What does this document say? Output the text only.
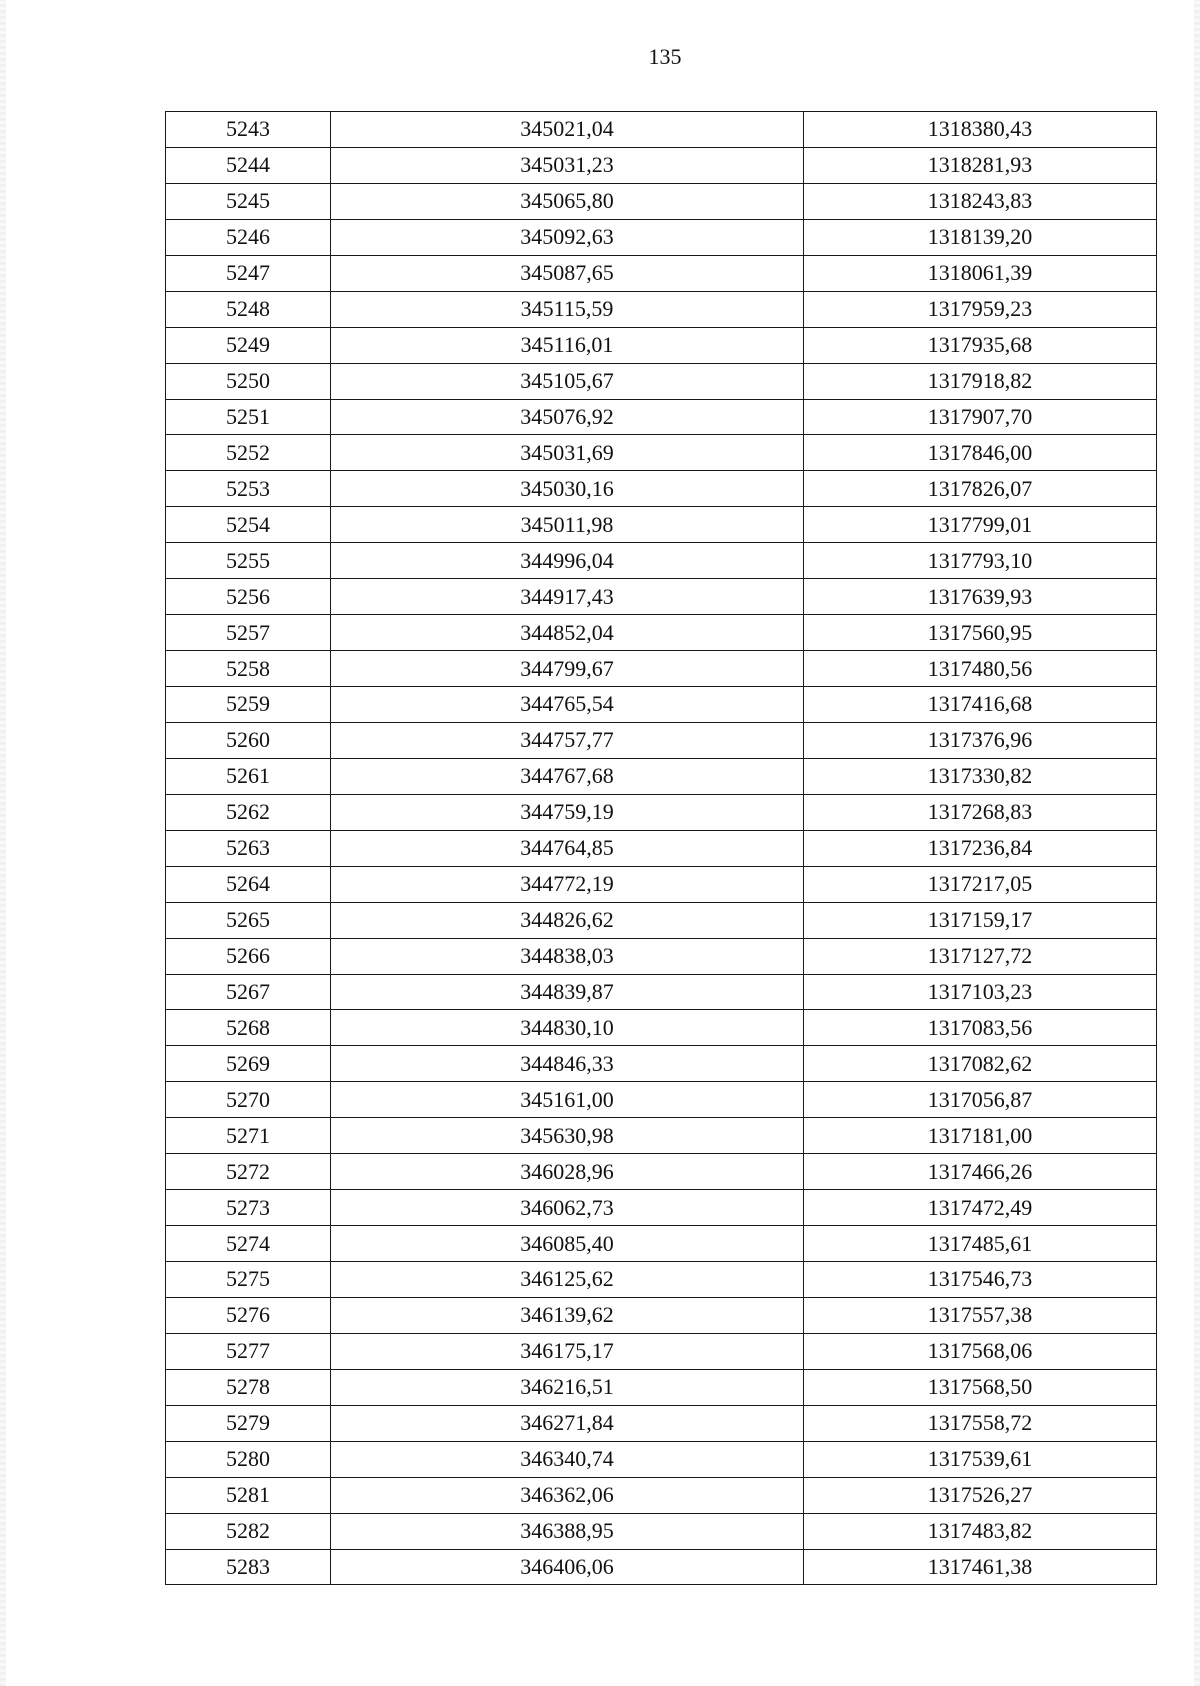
135
5243	345021,04	1318380,43
5244	345031,23	1318281,93
5245	345065,80	1318243,83
5246	345092,63	1318139,20
5247	345087,65	1318061,39
5248	345115,59	1317959,23
5249	345116,01	1317935,68
5250	345105,67	1317918,82
5251	345076,92	1317907,70
5252	345031,69	1317846,00
5253	345030,16	1317826,07
5254	345011,98	1317799,01
5255	344996,04	1317793,10
5256	344917,43	1317639,93
5257	344852,04	1317560,95
5258	344799,67	1317480,56
5259	344765,54	1317416,68
5260	344757,77	1317376,96
5261	344767,68	1317330,82
5262	344759,19	1317268,83
5263	344764,85	1317236,84
5264	344772,19	1317217,05
5265	344826,62	1317159,17
5266	344838,03	1317127,72
5267	344839,87	1317103,23
5268	344830,10	1317083,56
5269	344846,33	1317082,62
5270	345161,00	1317056,87
5271	345630,98	1317181,00
5272	346028,96	1317466,26
5273	346062,73	1317472,49
5274	346085,40	1317485,61
5275	346125,62	1317546,73
5276	346139,62	1317557,38
5277	346175,17	1317568,06
5278	346216,51	1317568,50
5279	346271,84	1317558,72
5280	346340,74	1317539,61
5281	346362,06	1317526,27
5282	346388,95	1317483,82
5283	346406,06	1317461,38
